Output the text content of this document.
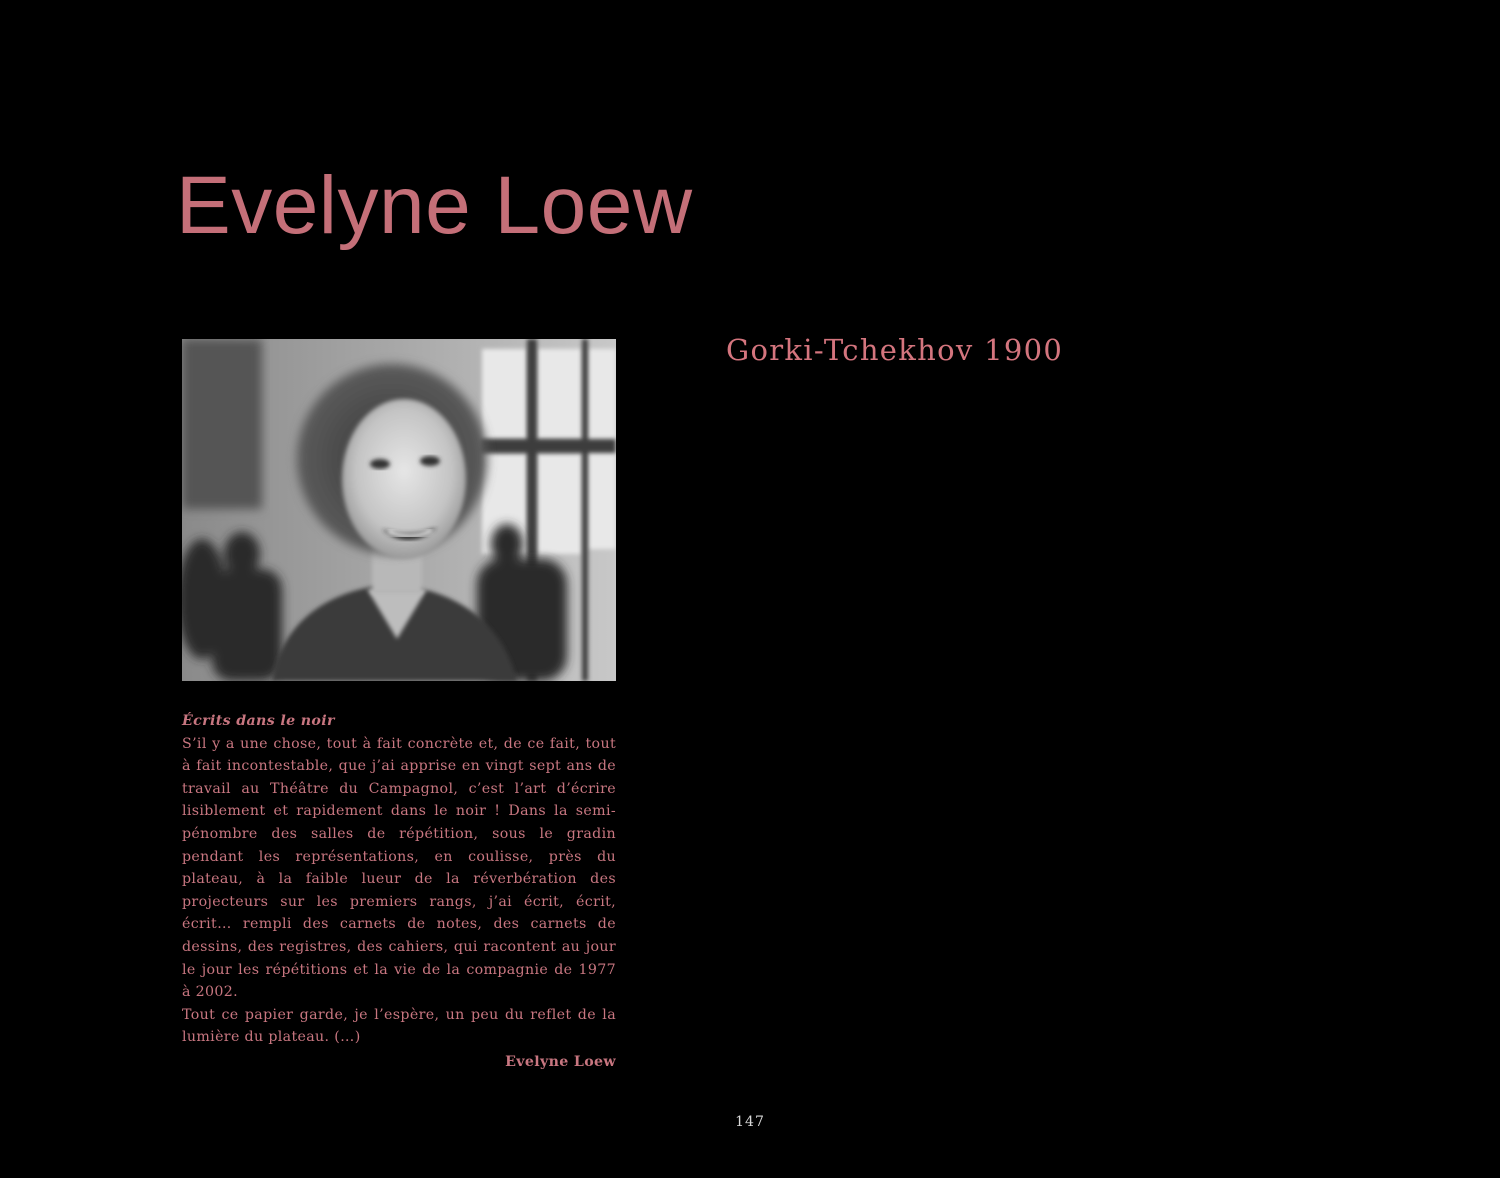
Evelyne Loew
Gorki-Tchekhov 1900
Écrits dans le noir

S’il y a une chose, tout à fait concrète et, de ce fait, tout à fait incontestable, que j’ai apprise en vingt sept ans de travail au Théâtre du Campagnol, c’est l’art d’écrire lisiblement et rapidement dans le noir ! Dans la semi-pénombre des salles de répétition, sous le gradin pendant les représentations, en coulisse, près du plateau, à la faible lueur de la réverbération des projecteurs sur les premiers rangs, j’ai écrit, écrit, écrit… rempli des carnets de notes, des carnets de dessins, des registres, des cahiers, qui racontent au jour le jour les répétitions et la vie de la compagnie de 1977 à 2002.

Tout ce papier garde, je l’espère, un peu du reflet de la lumière du plateau. (…)

Evelyne Loew
147
